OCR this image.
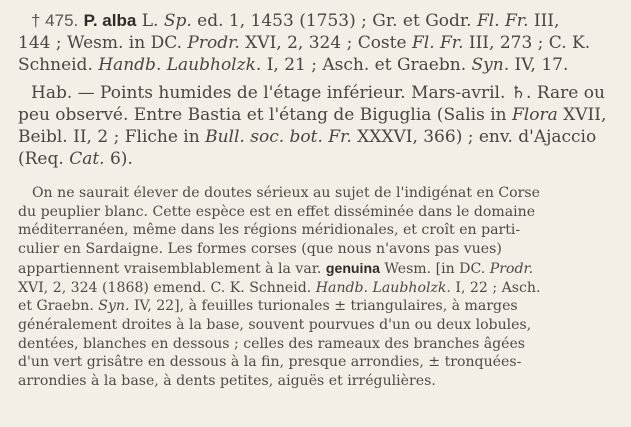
† 475. P. alba L. Sp. ed. 1, 1453 (1753) ; Gr. et Godr. Fl. Fr. III,
144 ; Wesm. in DC. Prodr. XVI, 2, 324 ; Coste Fl. Fr. III, 273 ; C. K.
Schneid. Handb. Laubholzk. I, 21 ; Asch. et Graebn. Syn. IV, 17.

Hab. — Points humides de l'étage inférieur. Mars-avril. ♄. Rare ou
peu observé. Entre Bastia et l'étang de Biguglia (Salis in Flora XVII,
Beibl. II, 2 ; Fliche in Bull. soc. bot. Fr. XXXVI, 366) ; env. d'Ajaccio
(Req. Cat. 6).

On ne saurait élever de doutes sérieux au sujet de l'indigénat en Corse
du peuplier blanc. Cette espèce est en effet disséminée dans le domaine
méditerranéen, même dans les régions méridionales, et croît en parti-
culier en Sardaigne. Les formes corses (que nous n'avons pas vues)
appartiennent vraisemblablement à la var. genuina Wesm. [in DC. Prodr.
XVI, 2, 324 (1868) emend. C. K. Schneid. Handb. Laubholzk. I, 22 ; Asch.
et Graebn. Syn. IV, 22], à feuilles turionales ± triangulaires, à marges
généralement droites à la base, souvent pourvues d'un ou deux lobules,
dentées, blanches en dessous ; celles des rameaux des branches âgées
d'un vert grisâtre en dessous à la fin, presque arrondies, ± tronquées-
arrondies à la base, à dents petites, aiguës et irrégulières.
